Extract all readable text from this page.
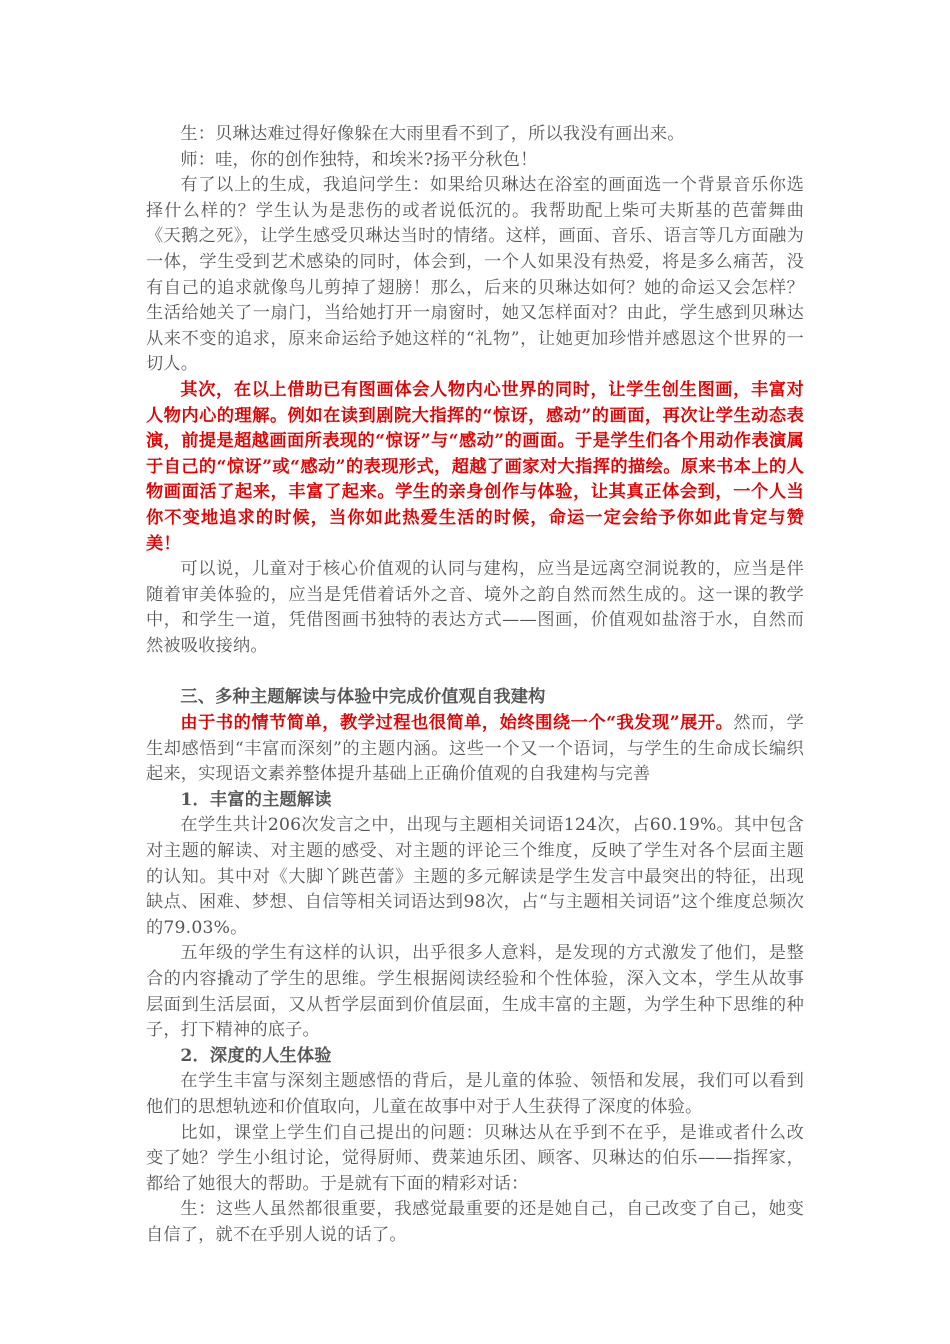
生：贝琳达难过得好像躲在大雨里看不到了，所以我没有画出来。

师：哇，你的创作独特，和埃米?扬平分秋色！

有了以上的生成，我追问学生：如果给贝琳达在浴室的画面选一个背景音乐你选择什么样的？学生认为是悲伤的或者说低沉的。我帮助配上柴可夫斯基的芭蕾舞曲《天鹅之死》，让学生感受贝琳达当时的情绪。这样，画面、音乐、语言等几方面融为一体，学生受到艺术感染的同时，体会到，一个人如果没有热爱，将是多么痛苦，没有自己的追求就像鸟儿剪掉了翅膀！那么，后来的贝琳达如何？她的命运又会怎样？生活给她关了一扇门，当给她打开一扇窗时，她又怎样面对？由此，学生感到贝琳达从来不变的追求，原来命运给予她这样的“礼物”，让她更加珍惜并感恩这个世界的一切人。

其次，在以上借助已有图画体会人物内心世界的同时，让学生创生图画，丰富对人物内心的理解。例如在读到剧院大指挥的“惊讶，感动”的画面，再次让学生动态表演，前提是超越画面所表现的“惊讶”与“感动”的画面。于是学生们各个用动作表演属于自己的“惊讶”或“感动”的表现形式，超越了画家对大指挥的描绘。原来书本上的人物画面活了起来，丰富了起来。学生的亲身创作与体验，让其真正体会到，一个人当你不变地追求的时候，当你如此热爱生活的时候，命运一定会给予你如此肯定与赞美！

可以说，儿童对于核心价值观的认同与建构，应当是远离空洞说教的，应当是伴随着审美体验的，应当是凭借着话外之音、境外之韵自然而然生成的。这一课的教学中，和学生一道，凭借图画书独特的表达方式——图画，价值观如盐溶于水，自然而然被吸收接纳。

三、多种主题解读与体验中完成价值观自我建构

由于书的情节简单，教学过程也很简单，始终围绕一个“我发现”展开。然而，学生却感悟到“丰富而深刻”的主题内涵。这些一个又一个语词，与学生的生命成长编织起来，实现语文素养整体提升基础上正确价值观的自我建构与完善

1．丰富的主题解读

在学生共计206次发言之中，出现与主题相关词语124次，占60.19%。其中包含对主题的解读、对主题的感受、对主题的评论三个维度，反映了学生对各个层面主题的认知。其中对《大脚丫跳芭蕾》主题的多元解读是学生发言中最突出的特征，出现缺点、困难、梦想、自信等相关词语达到98次，占“与主题相关词语”这个维度总频次的79.03%。

五年级的学生有这样的认识，出乎很多人意料，是发现的方式激发了他们，是整合的内容撬动了学生的思维。学生根据阅读经验和个性体验，深入文本，学生从故事层面到生活层面，又从哲学层面到价值层面，生成丰富的主题，为学生种下思维的种子，打下精神的底子。

2．深度的人生体验

在学生丰富与深刻主题感悟的背后，是儿童的体验、领悟和发展，我们可以看到他们的思想轨迹和价值取向，儿童在故事中对于人生获得了深度的体验。

比如，课堂上学生们自己提出的问题：贝琳达从在乎到不在乎，是谁或者什么改变了她？学生小组讨论，觉得厨师、费莱迪乐团、顾客、贝琳达的伯乐——指挥家，都给了她很大的帮助。于是就有下面的精彩对话：

生：这些人虽然都很重要，我感觉最重要的还是她自己，自己改变了自己，她变自信了，就不在乎别人说的话了。
